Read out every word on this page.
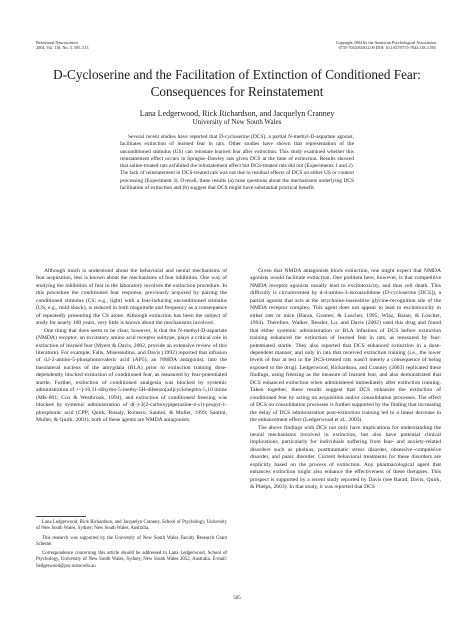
Behavioral Neuroscience
2004, Vol. 118, No. 3, 505–513
Copyright 2004 by the American Psychological Association
0735-7044/04/$12.00 DOI: 10.1037/0735-7044.118.3.505
D-Cycloserine and the Facilitation of Extinction of Conditioned Fear:
Consequences for Reinstatement
Lana Ledgerwood, Rick Richardson, and Jacquelyn Cranney
University of New South Wales
Several recent studies have reported that D-cycloserine (DCS), a partial N-methyl-D-aspartate agonist, facilitates extinction of learned fear in rats. Other studies have shown that representation of the unconditioned stimulus (US) can reinstate learned fear after extinction. This study examined whether this reinstatement effect occurs in Sprague–Dawley rats given DCS at the time of extinction. Results showed that saline-treated rats exhibited the reinstatement effect but DCS-treated rats did not (Experiments 1 and 2). The lack of reinstatement in DCS-treated rats was not due to residual effects of DCS on either US or context processing (Experiment 3). Overall, these results (a) raise questions about the mechanisms underlying DCS facilitation of extinction and (b) suggest that DCS might have substantial practical benefit.

Although much is understood about the behavioral and neural mechanisms of fear acquisition, less is known about the mechanisms of fear inhibition. One way of studying the inhibition of fear in the laboratory involves the extinction procedure. In this procedure the conditioned fear response, previously acquired by pairing the conditioned stimulus (CS; e.g., light) with a fear-inducing unconditioned stimulus (US; e.g., mild shock), is reduced in both magnitude and frequency as a consequence of repeatedly presenting the CS alone. Although extinction has been the subject of study for nearly 100 years, very little is known about the mechanisms involved.

One thing that does seem to be clear, however, is that the N-methyl-D-aspartate (NMDA) receptor, an excitatory amino acid receptor subtype, plays a critical role in extinction of learned fear (Myers & Davis, 2002, provide an extensive review of this literature). For example, Falls, Miserendino, and Davis (1992) reported that infusion of d,l-2-amino-5-phosphonovaleric acid (AP5), an NMDA antagonist, into the basolateral nucleus of the amygdala (BLA) prior to extinction training dose-dependently blocked extinction of conditioned fear, as measured by fear-potentiated startle. Further, extinction of conditioned analgesia was blocked by systemic administration of +-]-10,11-dihydro-5-methy-5H-dibenzo[ad]cyclohepten-5,10 imine (MK-801; Cox & Westbrook, 1994), and extinction of conditioned freezing was blocked by systemic administration of d(-)-3(2-carboxypiperazine-4-yl)-propyl-1-phosphonic acid (CPP; Quirk, Rosaly, Romero, Santini, & Muller, 1999; Santini, Muller, & Quirk, 2001); both of these agents are NMDA antagonists.

Lana Ledgerwood, Rick Richardson, and Jacquelyn Cranney, School of Psychology, University of New South Wales, Sydney, New South Wales, Australia.

This research was supported by the University of New South Wales Faculty Research Grant Scheme.

Correspondence concerning this article should be addressed to Lana Ledgerwood, School of Psychology, University of New South Wales, Sydney, New South Wales 2052, Australia. E-mail: lledgerwood@psy.unsw.edu.au

Given that NMDA antagonists block extinction, one might expect that NMDA agonists would facilitate extinction. One problem here, however, is that competitive NMDA receptor agonists usually lead to excitotoxicity, and thus cell death. This difficulty is circumvented by d-4-amino-3-isoxazolidone (D-cycloserine [DCS]), a partial agonist that acts at the strychnine-insensitive glycine-recognition site of the NMDA receptor complex. This agent does not appear to lead to excitotoxicity in either rats or mice (Baran, Gramer, & Loscher, 1995; Wlaz, Baran, & Loscher, 1994). Therefore, Walker, Ressler, Lu, and Davis (2002) used this drug and found that either systemic administration or BLA infusions of DCS before extinction training enhanced the extinction of learned fear in rats, as measured by fear-potentiated startle. They also reported that DCS enhanced extinction in a dose-dependent manner, and only in rats that received extinction training (i.e., the lower levels of fear at test in the DCS-treated rats wasn't merely a consequence of being exposed to the drug). Ledgerwood, Richardson, and Cranney (2003) replicated these findings, using freezing as the measure of learned fear, and also demonstrated that DCS enhanced extinction when administered immediately after extinction training. Taken together, these results suggest that DCS enhances the extinction of conditioned fear by acting on acquisition and/or consolidation processes. The effect of DCS on consolidation processes is further supported by the finding that increasing the delay of DCS administration post-extinction training led to a linear decrease in the enhancement effect (Ledgerwood et al., 2003).

The above findings with DCS not only have implications for understanding the neural mechanisms involved in extinction, but also have potential clinical implications, particularly for individuals suffering from fear- and anxiety-related disorders such as phobias, posttraumatic stress disorder, obsessive–compulsive disorder, and panic disorder. Current behavioral treatments for these disorders are explicitly based on the process of extinction. Any pharmacological agent that enhances extinction might also enhance the effectiveness of these therapies. This prospect is supported by a recent study reported by Davis (see Barad, Davis, Quirk, & Phelps, 2003). In that study, it was reported that DCS

505
